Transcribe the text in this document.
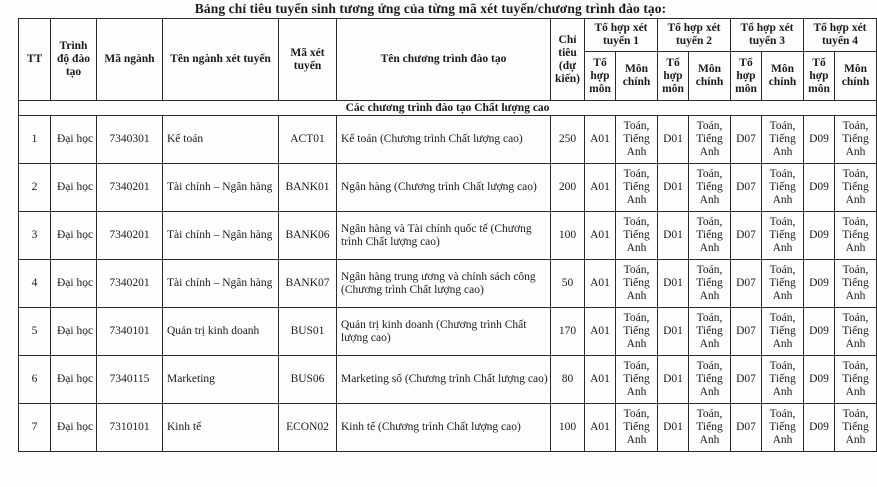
Bảng chỉ tiêu tuyển sinh tương ứng của từng mã xét tuyển/chương trình đào tạo:
TT	Trình độ đào tạo	Mã ngành	Tên ngành xét tuyển	Mã xét tuyển	Tên chương trình đào tạo	Chỉ tiêu (dự kiến)	Tổ hợp xét tuyển 1		Tổ hợp xét tuyển 2		Tổ hợp xét tuyển 3		Tổ hợp xét tuyển 4	
							Tổ hợp môn	Môn chính	Tổ hợp môn	Môn chính	Tổ hợp môn	Môn chính	Tổ hợp môn	Môn chính
Các chương trình đào tạo Chất lượng cao														
1	Đại học	7340301	Kế toán	ACT01	Kế toán (Chương trình Chất lượng cao)	250	A01	Toán, Tiếng Anh	D01	Toán, Tiếng Anh	D07	Toán, Tiếng Anh	D09	Toán, Tiếng Anh
2	Đại học	7340201	Tài chính – Ngân hàng	BANK01	Ngân hàng (Chương trình Chất lượng cao)	200	A01	Toán, Tiếng Anh	D01	Toán, Tiếng Anh	D07	Toán, Tiếng Anh	D09	Toán, Tiếng Anh
3	Đại học	7340201	Tài chính – Ngân hàng	BANK06	Ngân hàng và Tài chính quốc tế (Chương trình Chất lượng cao)	100	A01	Toán, Tiếng Anh	D01	Toán, Tiếng Anh	D07	Toán, Tiếng Anh	D09	Toán, Tiếng Anh
4	Đại học	7340201	Tài chính – Ngân hàng	BANK07	Ngân hàng trung ương và chính sách công (Chương trình Chất lượng cao)	50	A01	Toán, Tiếng Anh	D01	Toán, Tiếng Anh	D07	Toán, Tiếng Anh	D09	Toán, Tiếng Anh
5	Đại học	7340101	Quản trị kinh doanh	BUS01	Quản trị kinh doanh (Chương trình Chất lượng cao)	170	A01	Toán, Tiếng Anh	D01	Toán, Tiếng Anh	D07	Toán, Tiếng Anh	D09	Toán, Tiếng Anh
6	Đại học	7340115	Marketing	BUS06	Marketing số (Chương trình Chất lượng cao)	80	A01	Toán, Tiếng Anh	D01	Toán, Tiếng Anh	D07	Toán, Tiếng Anh	D09	Toán, Tiếng Anh
7	Đại học	7310101	Kinh tế	ECON02	Kinh tế (Chương trình Chất lượng cao)	100	A01	Toán, Tiếng Anh	D01	Toán, Tiếng Anh	D07	Toán, Tiếng Anh	D09	Toán, Tiếng Anh
